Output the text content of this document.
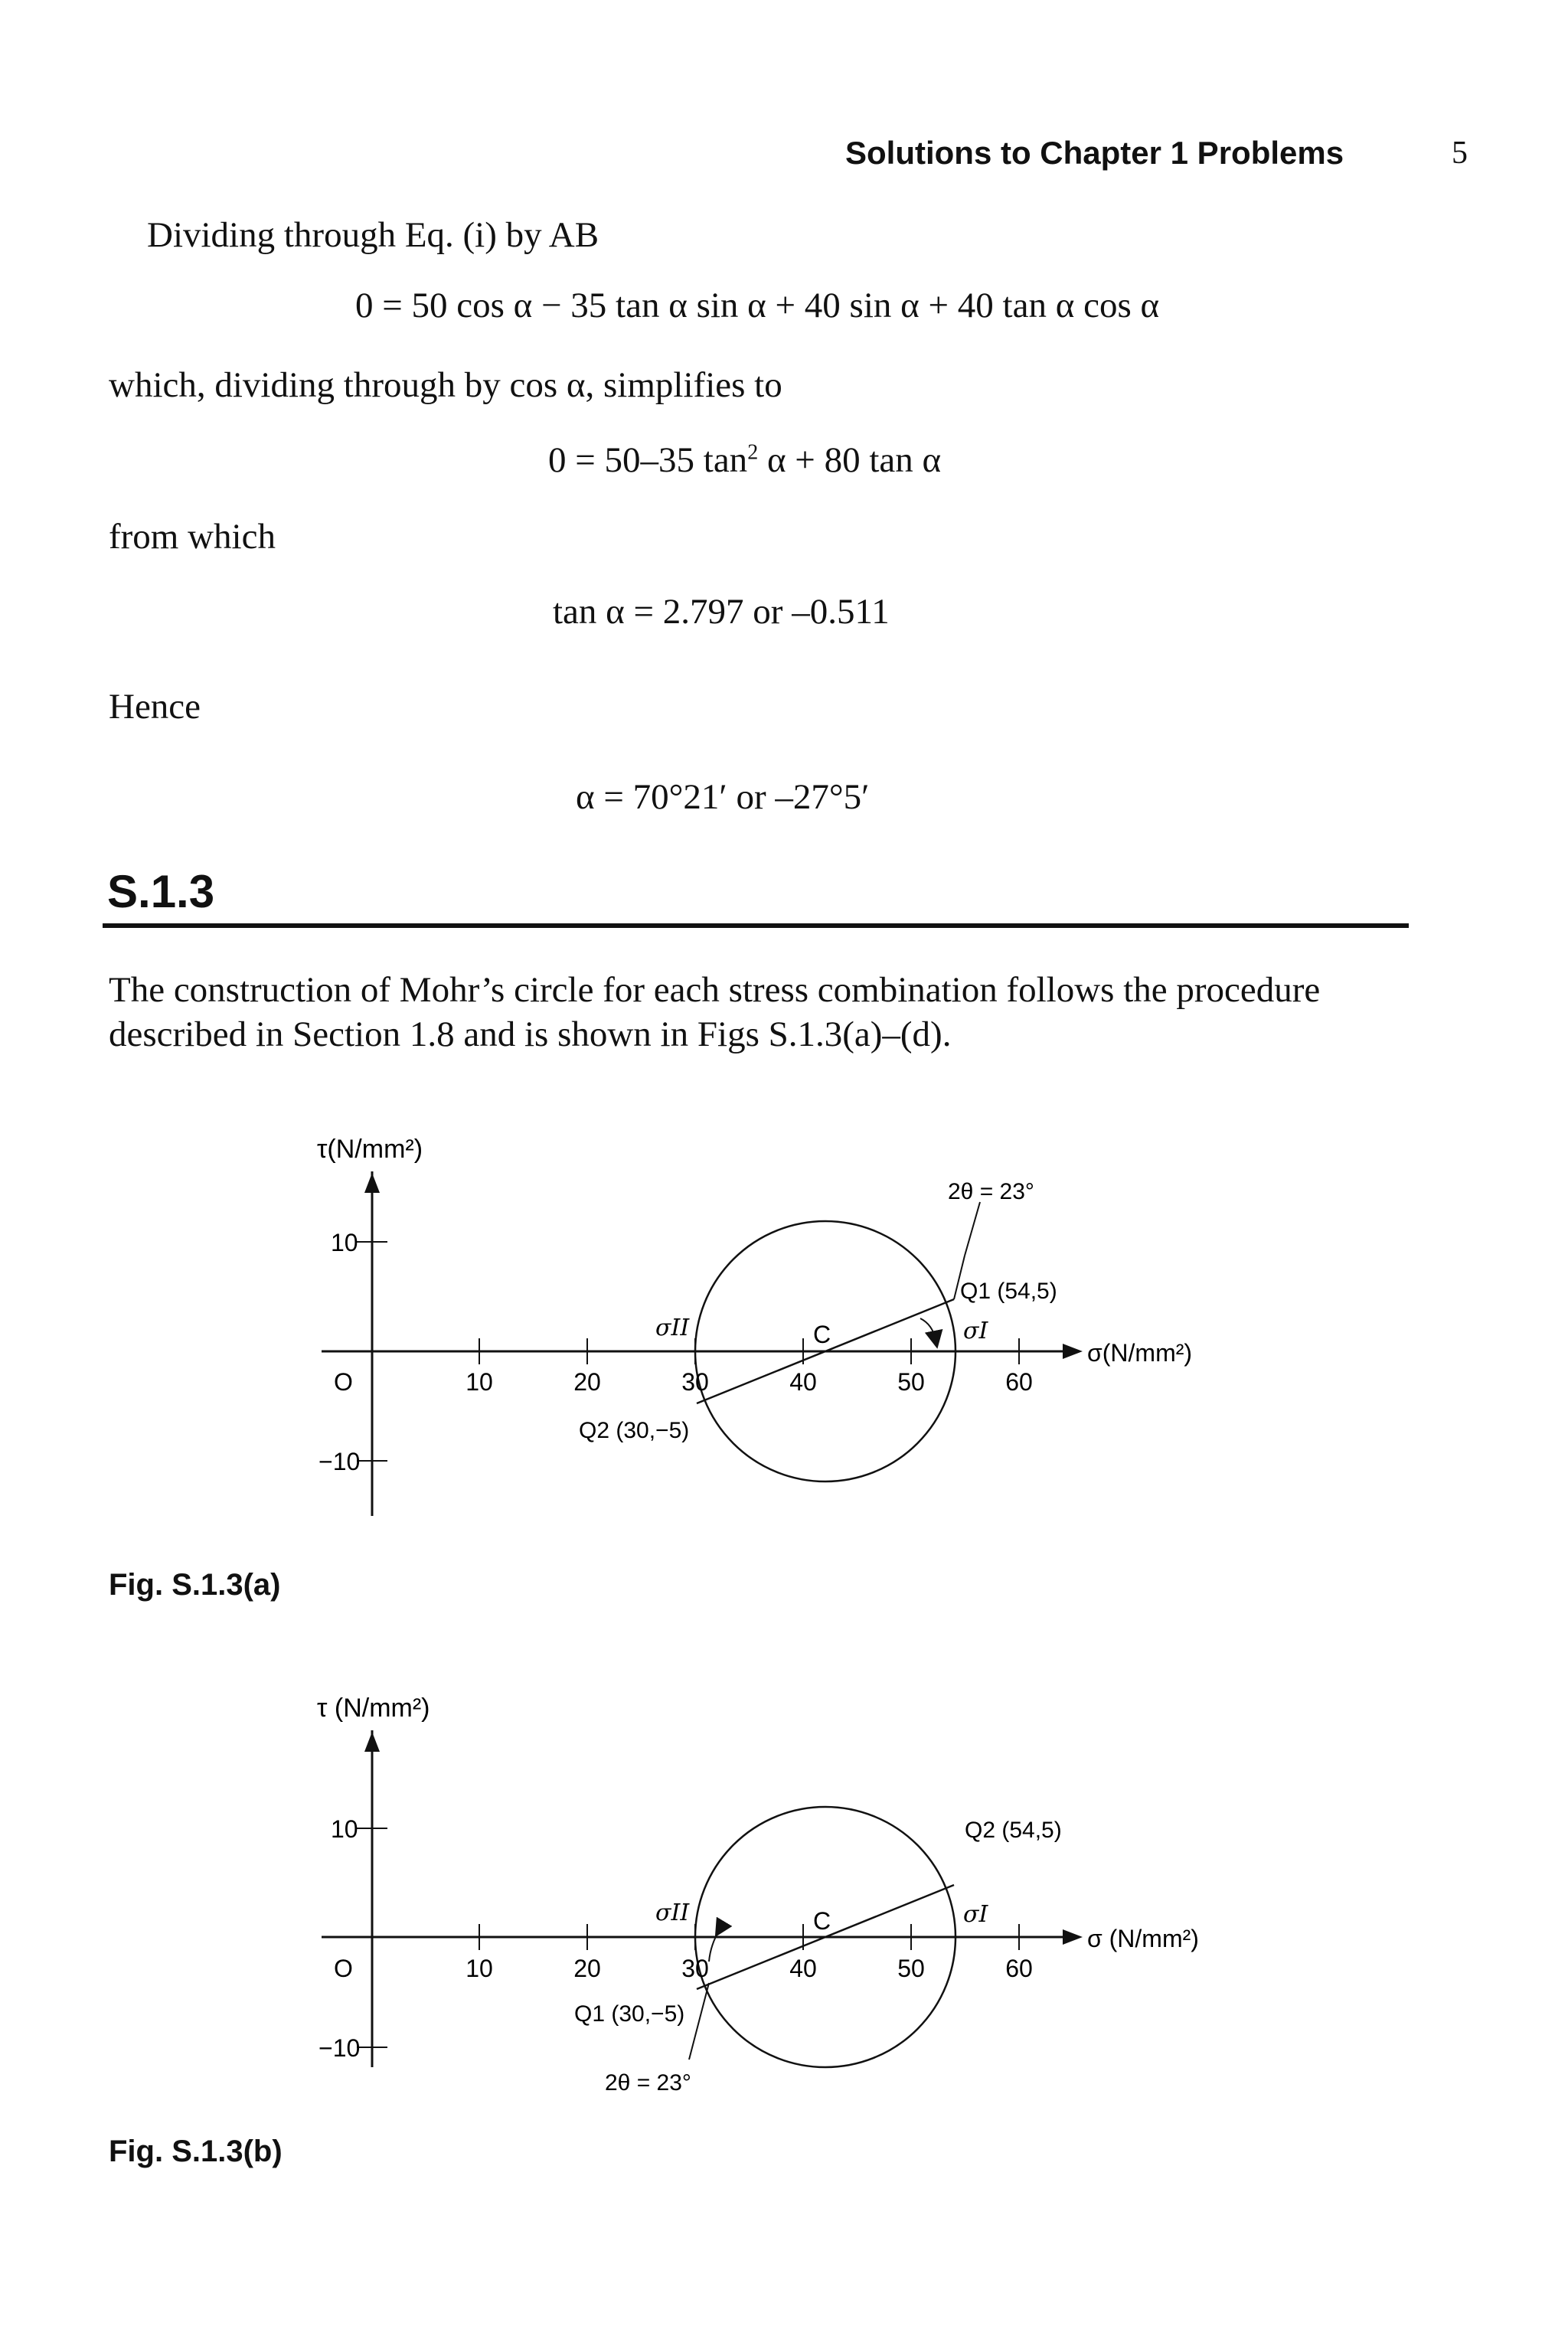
Solutions to Chapter 1 Problems	5
Dividing through Eq. (i) by AB
0 = 50 cos α − 35 tan α sin α + 40 sin α + 40 tan α cos α
which, dividing through by cos α, simplifies to
0 = 50–35 $\tan^2 \alpha + 80$ tan α
from which
tan α = 2.797 or –0.511
Hence
α = 70°21′ or –27°5′
S.1.3
The construction of Mohr’s circle for each stress combination follows the procedure described in Section 1.8 and is shown in Figs S.1.3(a)–(d).
τ(N/mm²)
σ(N/mm²)
10
−10
O	10	20	30	40	50	60
C
σII	σI
Q1 (54,5)
Q2 (30,−5)
2θ = 23°
Fig. S.1.3(a)
τ (N/mm²)
σ (N/mm²)
10
−10
O	10	20	30	40	50	60
C
σII	σI
Q2 (54,5)
Q1 (30,−5)
2θ = 23°
Fig. S.1.3(b)
